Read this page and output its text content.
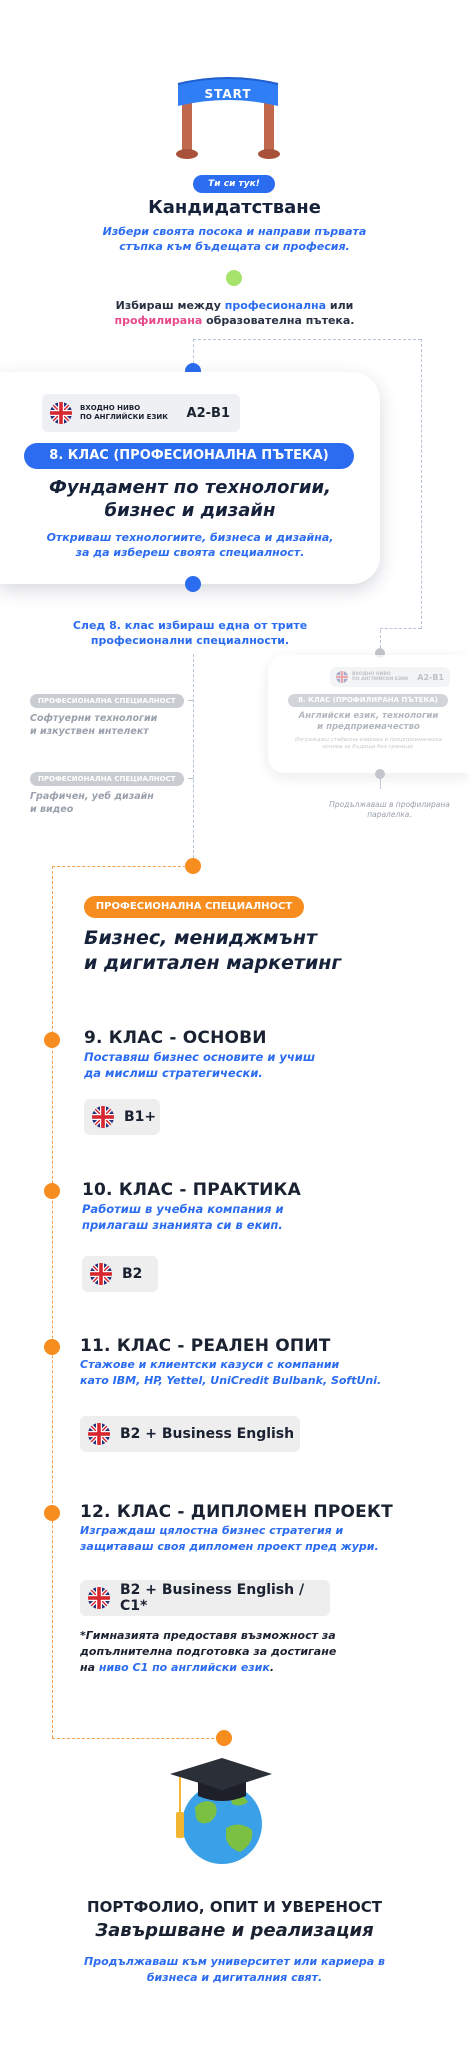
START
Ти си тук!
Кандидатстване
Избери своята посока и направи първата
стъпка към бъдещата си професия.
Избираш между професионална или
профилирана образователна пътека.
ВХОДНО НИВО
ПО АНГЛИЙСКИ ЕЗИК A2-B1
8. КЛАС (ПРОФЕСИОНАЛНА ПЪТЕКА)
Фундамент по технологии,
бизнес и дизайн
Откриваш технологиите, бизнеса и дизайна,
за да избереш своята специалност.
След 8. клас избираш една от трите
професионални специалности.
ПРОФЕСИОНАЛНА СПЕЦИАЛНОСТ
Софтуерни технологии
и изкуствен интелект
ПРОФЕСИОНАЛНА СПЕЦИАЛНОСТ
Графичен, уеб дизайн
и видео
ВХОДНО НИВО
ПО АНГЛИЙСКИ ЕЗИК A2-B1
8. КЛАС (ПРОФИЛИРАНА ПЪТЕКА)
Английски език, технологии
и предприемачество
Изграждаш стабилна езикова и предприемаческа
основа за бъдеща без граници.
Продължаваш в профилирана
паралелка.
ПРОФЕСИОНАЛНА СПЕЦИАЛНОСТ
Бизнес, мениджмънт
и дигитален маркетинг
9. КЛАС - ОСНОВИ
Поставяш бизнес основите и учиш
да мислиш стратегически.
B1+
10. КЛАС - ПРАКТИКА
Работиш в учебна компания и
прилагаш знанията си в екип.
B2
11. КЛАС - РЕАЛЕН ОПИТ
Стажове и клиентски казуси с компании
като IBM, HP, Yettel, UniCredit Bulbank, SoftUni.
B2 + Business English
12. КЛАС - ДИПЛОМЕН ПРОЕКТ
Изграждаш цялостна бизнес стратегия и
защитаваш своя дипломен проект пред жури.
B2 + Business English / C1*
*Гимназията предоставя възможност за
допълнителна подготовка за достигане
на ниво C1 по английски език.
ПОРТФОЛИО, ОПИТ И УВЕРЕНОСТ
Завършване и реализация
Продължаваш към университет или кариера в
бизнеса и дигиталния свят.
